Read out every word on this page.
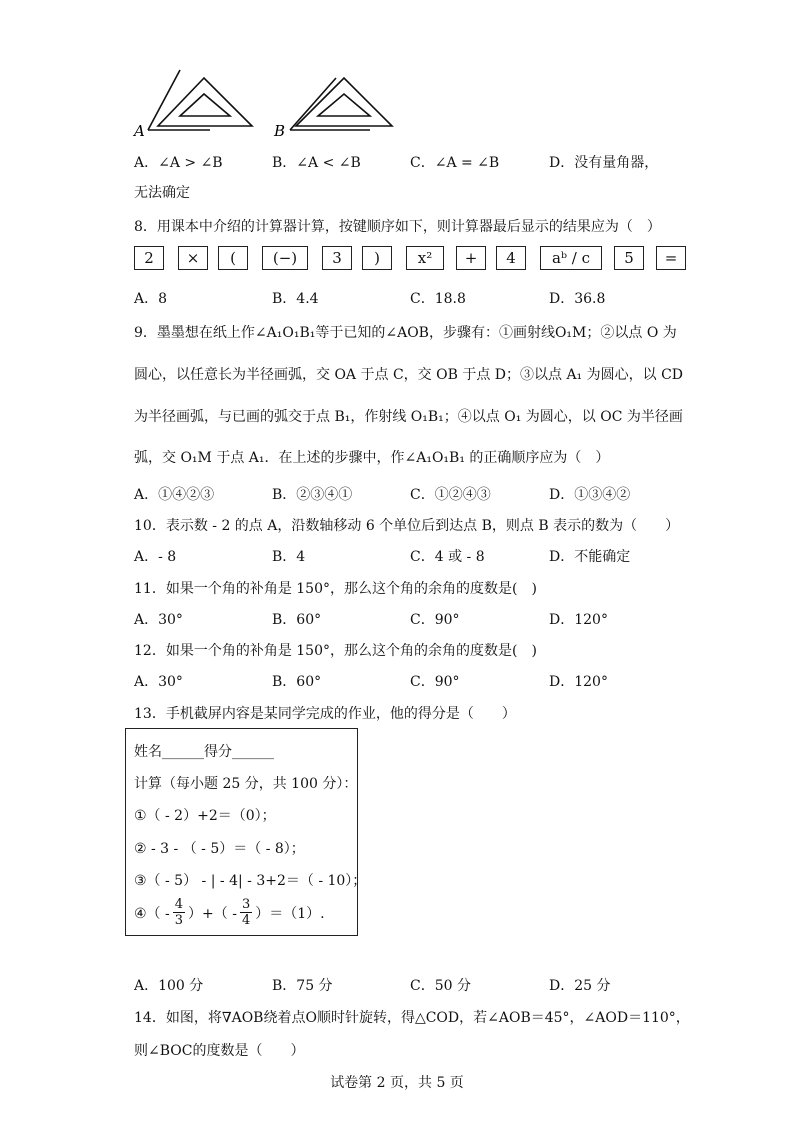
A	B
A．∠A > ∠B	B．∠A < ∠B	C．∠A = ∠B	D．没有量角器，
无法确定
8．用课本中介绍的计算器计算，按键顺序如下，则计算器最后显示的结果应为（　）
2	×	(	(−)	3	)	x²	+	4	aᵇ / c	5	=
A．8	B．4.4	C．18.8	D．36.8
9．墨墨想在纸上作∠A₁O₁B₁等于已知的∠AOB，步骤有：①画射线O₁M；②以点 O 为
圆心，以任意长为半径画弧，交 OA 于点 C，交 OB 于点 D；③以点 A₁ 为圆心，以 CD
为半径画弧，与已画的弧交于点 B₁，作射线 O₁B₁；④以点 O₁ 为圆心，以 OC 为半径画
弧，交 O₁M 于点 A₁．在上述的步骤中，作∠A₁O₁B₁ 的正确顺序应为（　）
A．①④②③	B．②③④①	C．①②④③	D．①③④②
10．表示数 - 2 的点 A，沿数轴移动 6 个单位后到达点 B，则点 B 表示的数为（　　）
A．- 8	B．4	C．4 或 - 8	D．不能确定
11．如果一个角的补角是 150°，那么这个角的余角的度数是(　)
A．30°	B．60°	C．90°	D．120°
12．如果一个角的补角是 150°，那么这个角的余角的度数是(　)
A．30°	B．60°	C．90°	D．120°
13．手机截屏内容是某同学完成的作业，他的得分是（　　）
姓名______得分______
计算（每小题 25 分，共 100 分）：
①（ - 2）+2＝（0）；
② - 3 - （ - 5）＝（ - 8）；
③（ - 5） - | - 4| - 3+2＝（ - 10）；
④（ - $\frac{4}{3}$ ）+（ - $\frac{3}{4} )=(1)$.
A．100 分	B．75 分	C．50 分	D．25 分
14．如图，将∇AOB绕着点O顺时针旋转，得△COD，若∠AOB＝45°，∠AOD＝110°，
则∠BOC的度数是（　　）
试卷第 2 页，共 5 页
